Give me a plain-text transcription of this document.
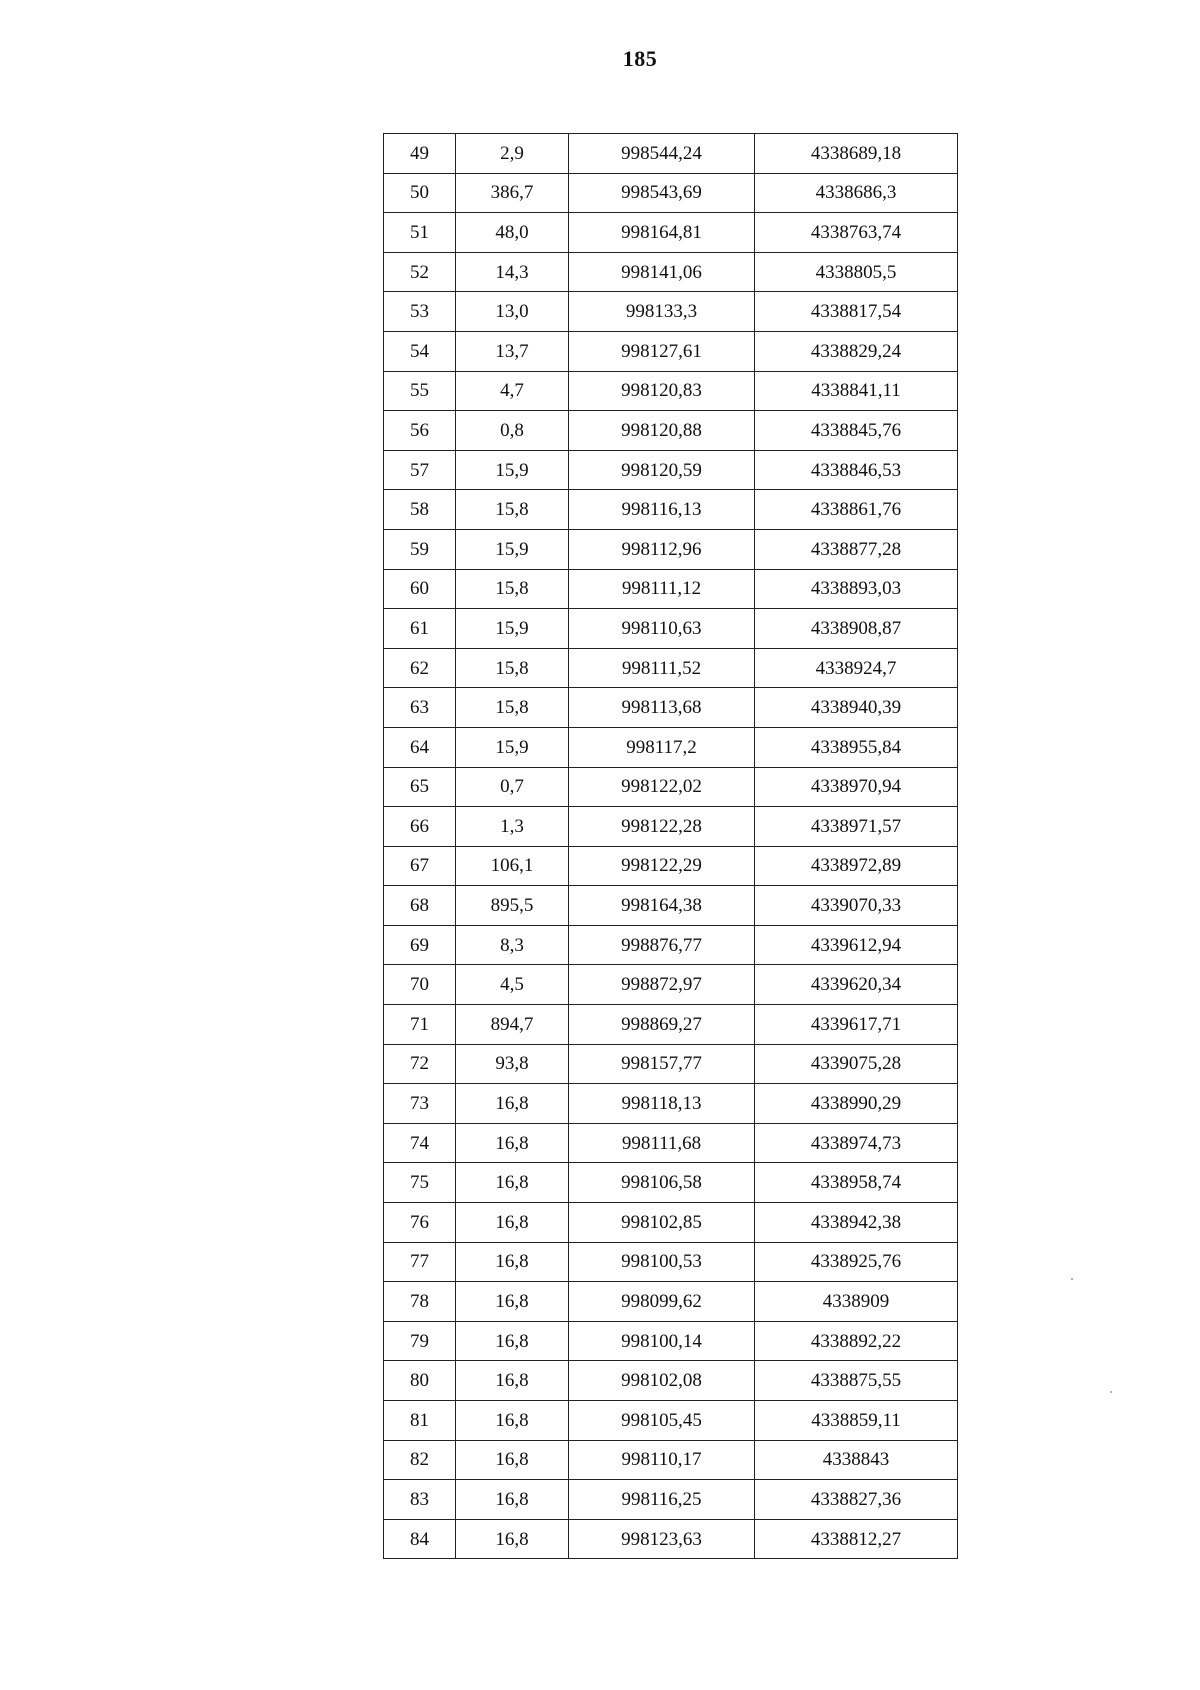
185
49	2,9	998544,24	4338689,18
50	386,7	998543,69	4338686,3
51	48,0	998164,81	4338763,74
52	14,3	998141,06	4338805,5
53	13,0	998133,3	4338817,54
54	13,7	998127,61	4338829,24
55	4,7	998120,83	4338841,11
56	0,8	998120,88	4338845,76
57	15,9	998120,59	4338846,53
58	15,8	998116,13	4338861,76
59	15,9	998112,96	4338877,28
60	15,8	998111,12	4338893,03
61	15,9	998110,63	4338908,87
62	15,8	998111,52	4338924,7
63	15,8	998113,68	4338940,39
64	15,9	998117,2	4338955,84
65	0,7	998122,02	4338970,94
66	1,3	998122,28	4338971,57
67	106,1	998122,29	4338972,89
68	895,5	998164,38	4339070,33
69	8,3	998876,77	4339612,94
70	4,5	998872,97	4339620,34
71	894,7	998869,27	4339617,71
72	93,8	998157,77	4339075,28
73	16,8	998118,13	4338990,29
74	16,8	998111,68	4338974,73
75	16,8	998106,58	4338958,74
76	16,8	998102,85	4338942,38
77	16,8	998100,53	4338925,76
78	16,8	998099,62	4338909
79	16,8	998100,14	4338892,22
80	16,8	998102,08	4338875,55
81	16,8	998105,45	4338859,11
82	16,8	998110,17	4338843
83	16,8	998116,25	4338827,36
84	16,8	998123,63	4338812,27
